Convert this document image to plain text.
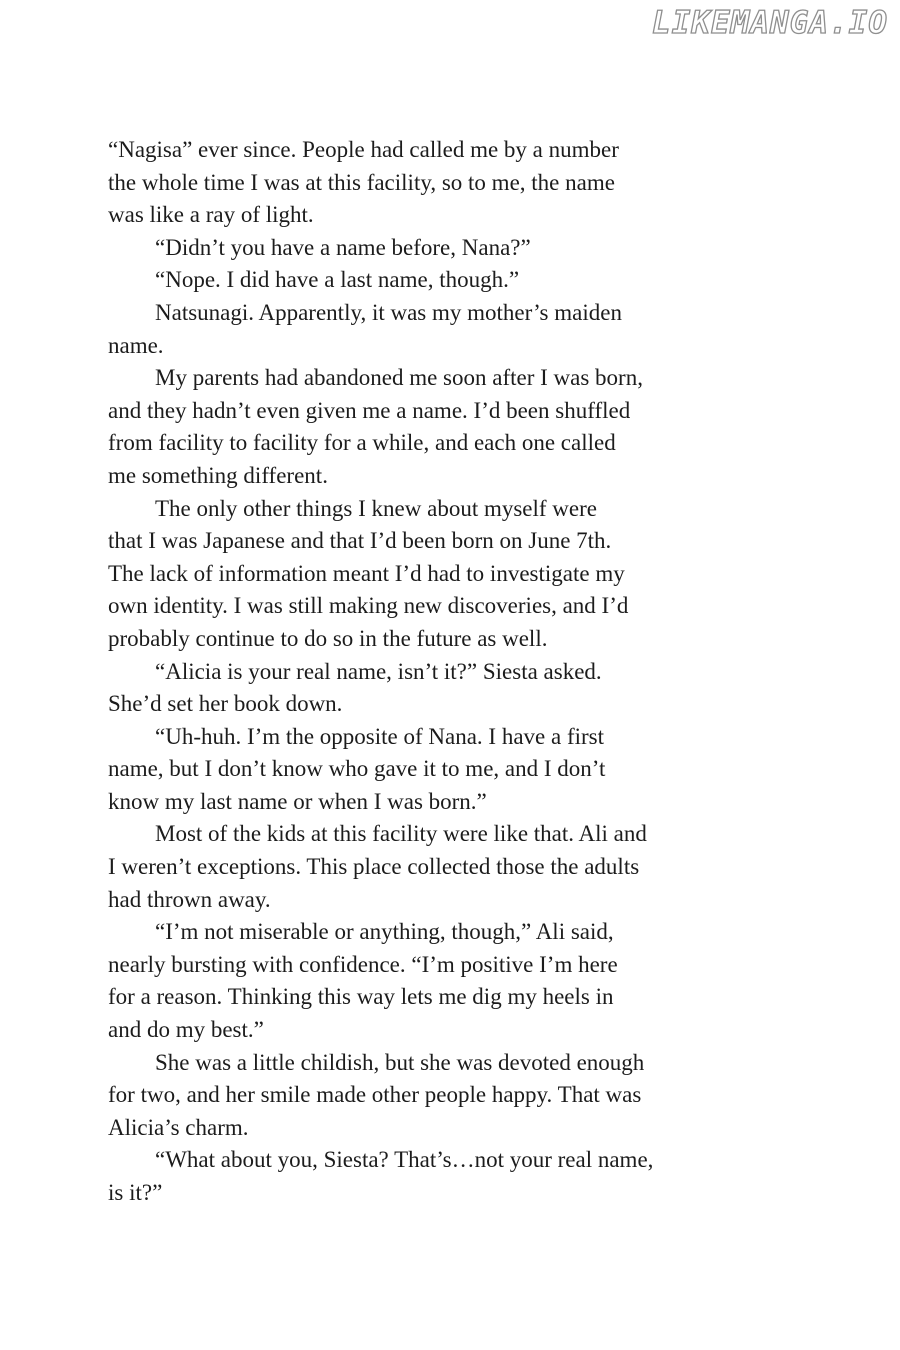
LIKEMANGA.IO
“Nagisa” ever since. People had called me by a number
the whole time I was at this facility, so to me, the name
was like a ray of light.
“Didn’t you have a name before, Nana?”
“Nope. I did have a last name, though.”
Natsunagi. Apparently, it was my mother’s maiden
name.
My parents had abandoned me soon after I was born,
and they hadn’t even given me a name. I’d been shuffled
from facility to facility for a while, and each one called
me something different.
The only other things I knew about myself were
that I was Japanese and that I’d been born on June 7th.
The lack of information meant I’d had to investigate my
own identity. I was still making new discoveries, and I’d
probably continue to do so in the future as well.
“Alicia is your real name, isn’t it?” Siesta asked.
She’d set her book down.
“Uh-huh. I’m the opposite of Nana. I have a first
name, but I don’t know who gave it to me, and I don’t
know my last name or when I was born.”
Most of the kids at this facility were like that. Ali and
I weren’t exceptions. This place collected those the adults
had thrown away.
“I’m not miserable or anything, though,” Ali said,
nearly bursting with confidence. “I’m positive I’m here
for a reason. Thinking this way lets me dig my heels in
and do my best.”
She was a little childish, but she was devoted enough
for two, and her smile made other people happy. That was
Alicia’s charm.
“What about you, Siesta? That’s…not your real name,
is it?”
